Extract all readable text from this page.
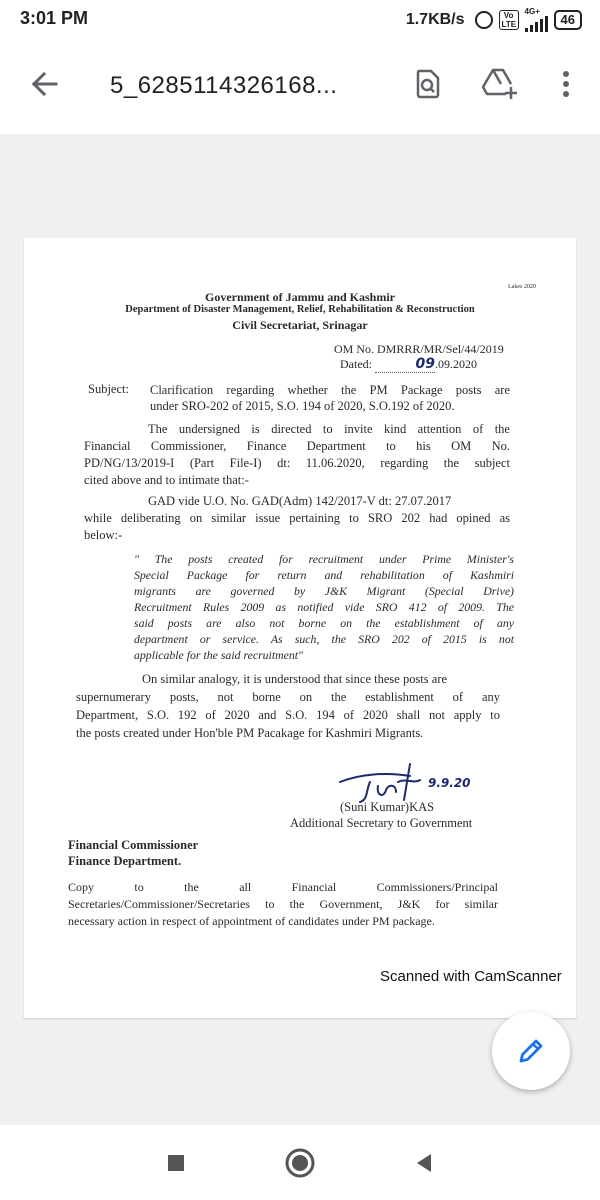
3:01 PM	1.7KB/s	Vo LTE
4G+
46
5_6285114326168...
Lakes 2020
Government of Jammu and Kashmir
Department of Disaster Management, Relief, Rehabilitation & Reconstruction
Civil Secretariat, Srinagar
OM No. DMRRR/MR/Sel/44/2019
Dated:	09.09.2020
Subject: Clarification regarding whether the PM Package posts are
under SRO-202 of 2015, S.O. 194 of 2020, S.O.192 of 2020.
The undersigned is directed to invite kind attention of the
Financial Commissioner, Finance Department to his OM No.
PD/NG/13/2019-I (Part File-I) dt: 11.06.2020, regarding the subject
cited above and to intimate that:-
GAD vide U.O. No. GAD(Adm) 142/2017-V dt: 27.07.2017
while deliberating on similar issue pertaining to SRO 202 had opined as
below:-
" The posts created for recruitment under Prime Minister's
Special Package for return and rehabilitation of Kashmiri
migrants are governed by J&K Migrant (Special Drive)
Recruitment Rules 2009 as notified vide SRO 412 of 2009. The
said posts are also not borne on the establishment of any
department or service. As such, the SRO 202 of 2015 is not
applicable for the said recruitment"
On similar analogy, it is understood that since these posts are
supernumerary posts, not borne on the establishment of any
Department, S.O. 192 of 2020 and S.O. 194 of 2020 shall not apply to
the posts created under Hon'ble PM Pacakage for Kashmiri Migrants.
9.9.20
(Suni Kumar)KAS
Additional Secretary to Government
Financial Commissioner
Finance Department.
Copy to the all Financial Commissioners/Principal
Secretaries/Commissioner/Secretaries to the Government, J&K for similar
necessary action in respect of appointment of candidates under PM package.
Scanned with CamScanner
